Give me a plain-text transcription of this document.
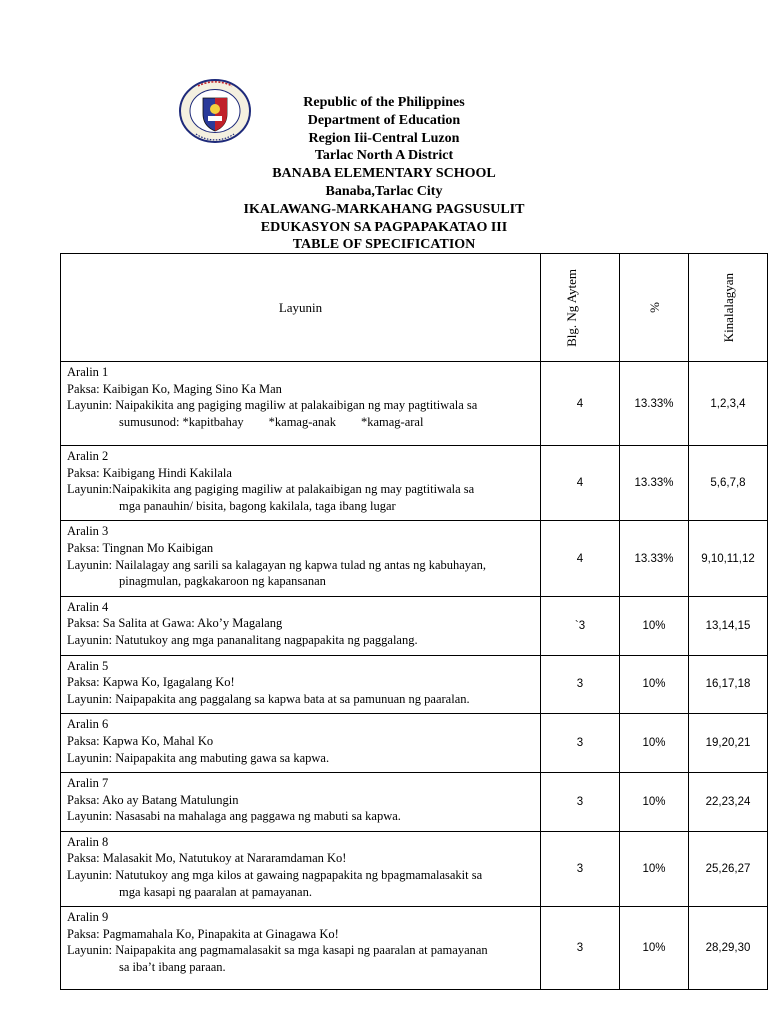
Republic of the Philippines
Department of Education
Region Iii-Central Luzon
Tarlac North A District
BANABA ELEMENTARY SCHOOL
Banaba,Tarlac City
IKALAWANG-MARKAHANG PAGSUSULIT
EDUKASYON SA PAGPAPAKATAO III
TABLE OF SPECIFICATION
Layunin	Blg. Ng Aytem	%	Kinalalagyan

Aralin 1
Paksa: Kaibigan Ko, Maging Sino Ka Man
Layunin: Naipakikita ang pagiging magiliw at palakaibigan ng may pagtitiwala sa
sumusunod: *kapitbahay        *kamag-anak        *kamag-aral	4	13.33%	1,2,3,4

Aralin 2
Paksa: Kaibigang Hindi Kakilala
Layunin:Naipakikita ang pagiging magiliw at palakaibigan ng may pagtitiwala sa
mga panauhin/ bisita, bagong kakilala, taga ibang lugar	4	13.33%	5,6,7,8

Aralin 3
Paksa: Tingnan Mo Kaibigan
Layunin: Nailalagay ang sarili sa kalagayan ng kapwa tulad ng antas ng kabuhayan,
pinagmulan, pagkakaroon ng kapansanan	4	13.33%	9,10,11,12

Aralin 4
Paksa: Sa Salita at Gawa: Ako’y Magalang
Layunin: Natutukoy ang mga pananalitang nagpapakita ng paggalang.	`3	10%	13,14,15

Aralin 5
Paksa: Kapwa Ko, Igagalang Ko!
Layunin: Naipapakita ang paggalang sa kapwa bata at sa pamunuan ng paaralan.	3	10%	16,17,18

Aralin 6
Paksa: Kapwa Ko, Mahal Ko
Layunin: Naipapakita ang mabuting gawa sa kapwa.	3	10%	19,20,21

Aralin 7
Paksa: Ako ay Batang Matulungin
Layunin: Nasasabi na mahalaga ang paggawa ng mabuti sa kapwa.	3	10%	22,23,24

Aralin 8
Paksa: Malasakit Mo, Natutukoy at Nararamdaman Ko!
Layunin: Natutukoy ang mga kilos at gawaing nagpapakita ng bpagmamalasakit sa
mga kasapi ng paaralan at pamayanan.	3	10%	25,26,27

Aralin 9
Paksa: Pagmamahala Ko, Pinapakita at Ginagawa Ko!
Layunin: Naipapakita ang pagmamalasakit sa mga kasapi ng paaralan at pamayanan
sa iba’t ibang paraan.	3	10%	28,29,30
